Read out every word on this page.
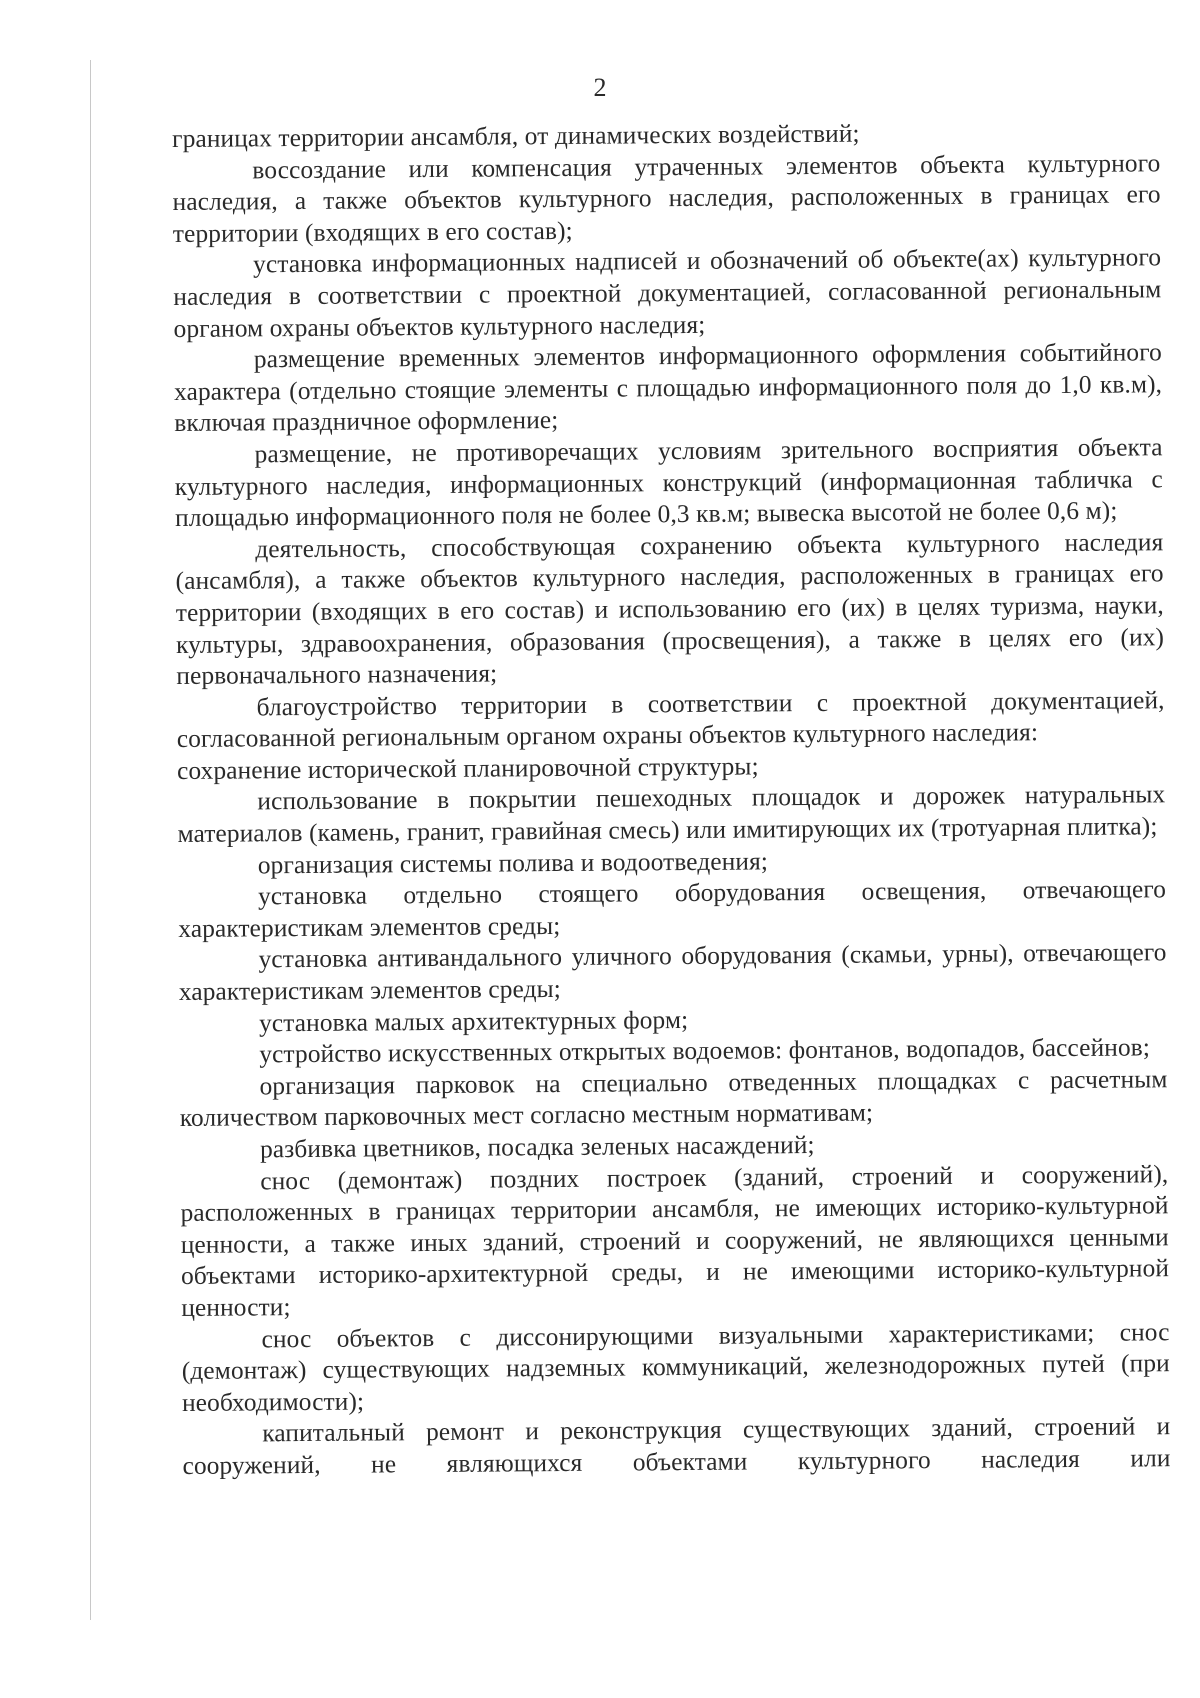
2

границах территории ансамбля, от динамических воздействий;

воссоздание или компенсация утраченных элементов объекта культурного наследия, а также объектов культурного наследия, расположенных в границах его территории (входящих в его состав);

установка информационных надписей и обозначений об объекте(ах) культурного наследия в соответствии с проектной документацией, согласованной региональным органом охраны объектов культурного наследия;

размещение временных элементов информационного оформления событийного характера (отдельно стоящие элементы с площадью информационного поля до 1,0 кв.м), включая праздничное оформление;

размещение, не противоречащих условиям зрительного восприятия объекта культурного наследия, информационных конструкций (информационная табличка с площадью информационного поля не более 0,3 кв.м; вывеска высотой не более 0,6 м);

деятельность, способствующая сохранению объекта культурного наследия (ансамбля), а также объектов культурного наследия, расположенных в границах его территории (входящих в его состав) и использованию его (их) в целях туризма, науки, культуры, здравоохранения, образования (просвещения), а также в целях его (их) первоначального назначения;

благоустройство территории в соответствии с проектной документацией, согласованной региональным органом охраны объектов культурного наследия:

сохранение исторической планировочной структуры;

использование в покрытии пешеходных площадок и дорожек натуральных материалов (камень, гранит, гравийная смесь) или имитирующих их (тротуарная плитка);

организация системы полива и водоотведения;

установка отдельно стоящего оборудования освещения, отвечающего характеристикам элементов среды;

установка антивандального уличного оборудования (скамьи, урны), отвечающего характеристикам элементов среды;

установка малых архитектурных форм;

устройство искусственных открытых водоемов: фонтанов, водопадов, бассейнов;

организация парковок на специально отведенных площадках с расчетным количеством парковочных мест согласно местным нормативам;

разбивка цветников, посадка зеленых насаждений;

снос (демонтаж) поздних построек (зданий, строений и сооружений), расположенных в границах территории ансамбля, не имеющих историко-культурной ценности, а также иных зданий, строений и сооружений, не являющихся ценными объектами историко-архитектурной среды, и не имеющими историко-культурной ценности;

снос объектов с диссонирующими визуальными характеристиками; снос (демонтаж) существующих надземных коммуникаций, железнодорожных путей (при необходимости);

капитальный ремонт и реконструкция существующих зданий, строений и сооружений, не являющихся объектами культурного наследия или
